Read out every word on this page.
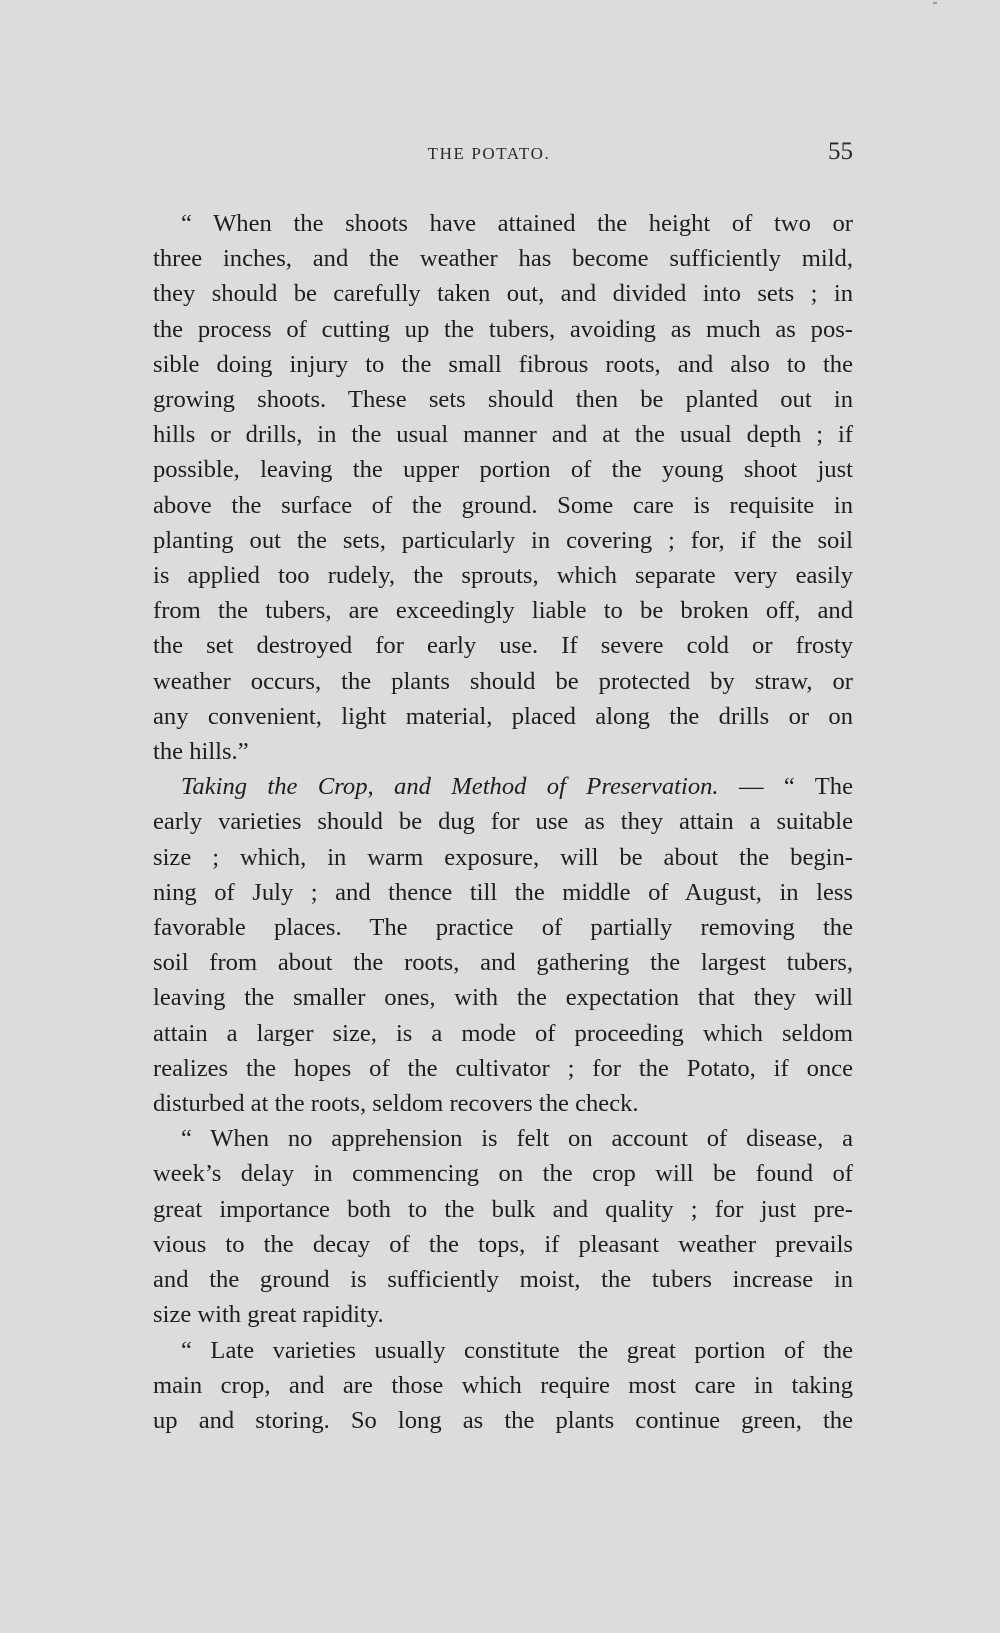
THE POTATO.	55
“ When the shoots have attained the height of two or
three inches, and the weather has become sufficiently mild,
they should be carefully taken out, and divided into sets ; in
the process of cutting up the tubers, avoiding as much as pos-
sible doing injury to the small fibrous roots, and also to the
growing shoots. These sets should then be planted out in
hills or drills, in the usual manner and at the usual depth ; if
possible, leaving the upper portion of the young shoot just
above the surface of the ground. Some care is requisite in
planting out the sets, particularly in covering ; for, if the soil
is applied too rudely, the sprouts, which separate very easily
from the tubers, are exceedingly liable to be broken off, and
the set destroyed for early use. If severe cold or frosty
weather occurs, the plants should be protected by straw, or
any convenient, light material, placed along the drills or on
the hills.”
Taking the Crop, and Method of Preservation. — “ The
early varieties should be dug for use as they attain a suitable
size ; which, in warm exposure, will be about the begin-
ning of July ; and thence till the middle of August, in less
favorable places. The practice of partially removing the
soil from about the roots, and gathering the largest tubers,
leaving the smaller ones, with the expectation that they will
attain a larger size, is a mode of proceeding which seldom
realizes the hopes of the cultivator ; for the Potato, if once
disturbed at the roots, seldom recovers the check.
“ When no apprehension is felt on account of disease, a
week’s delay in commencing on the crop will be found of
great importance both to the bulk and quality ; for just pre-
vious to the decay of the tops, if pleasant weather prevails
and the ground is sufficiently moist, the tubers increase in
size with great rapidity.
“ Late varieties usually constitute the great portion of the
main crop, and are those which require most care in taking
up and storing. So long as the plants continue green, the
